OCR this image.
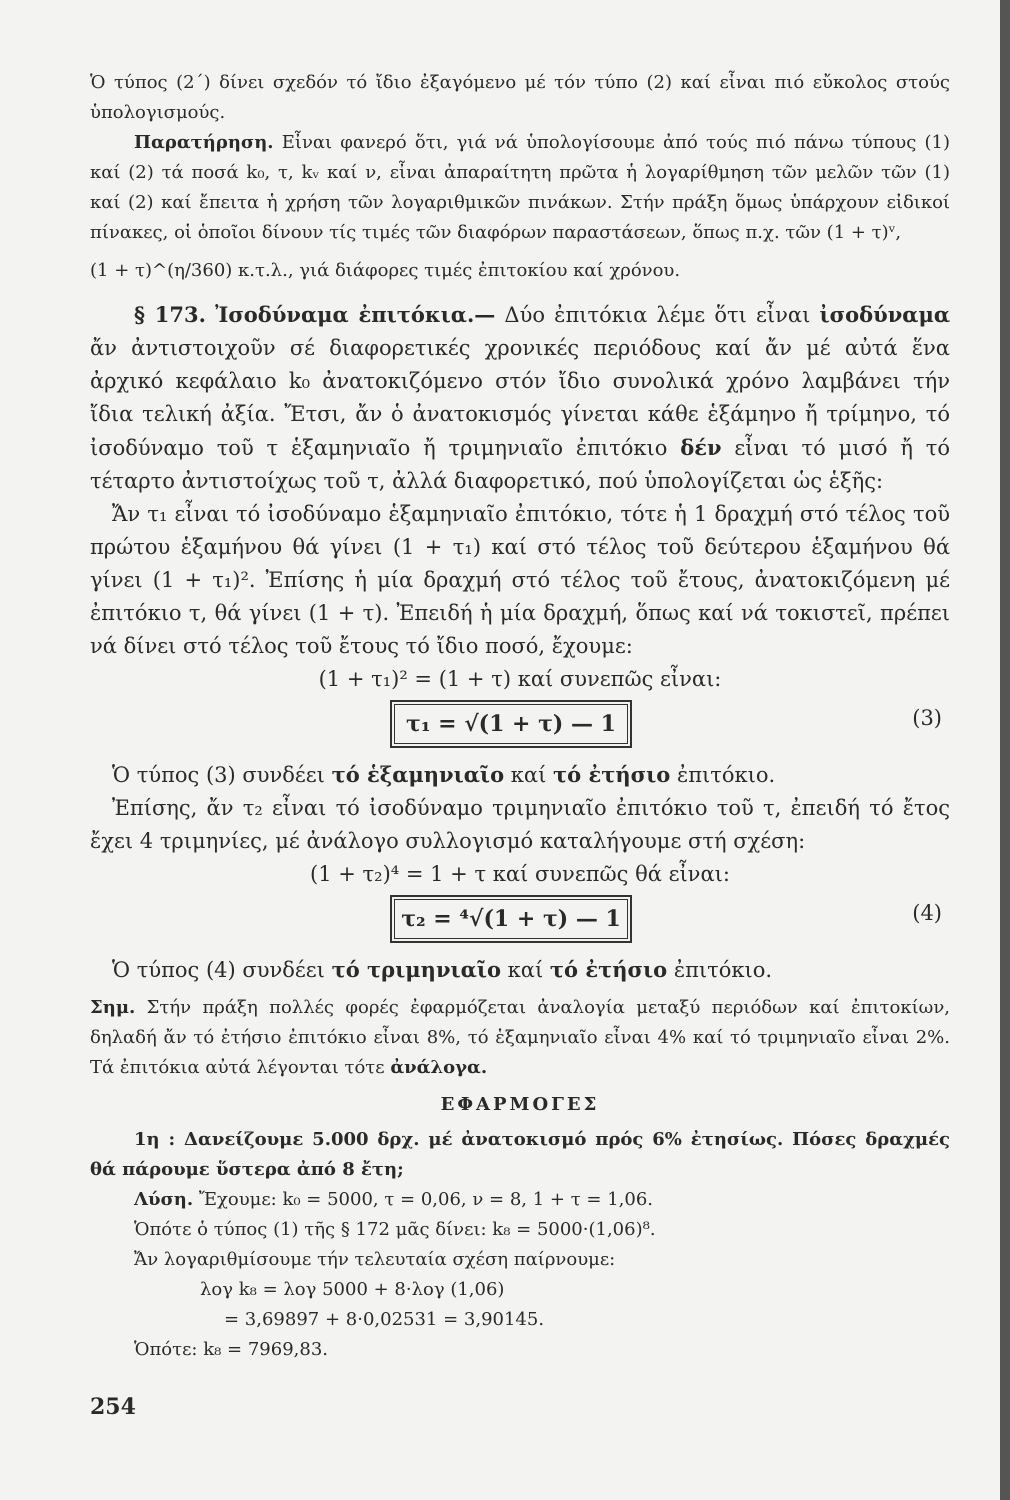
Ὁ τύπος (2΄) δίνει σχεδόν τό ἴδιο ἐξαγόμενο μέ τόν τύπο (2) καί εἶναι πιό εὔκολος στούς ὑπολογισμούς.

Παρατήρηση. Εἶναι φανερό ὅτι, γιά νά ὑπολογίσουμε ἀπό τούς πιό πάνω τύπους (1) καί (2) τά ποσά k₀, τ, kᵥ καί ν, εἶναι ἀπαραίτητη πρῶτα ἡ λογαρίθμηση τῶν μελῶν τῶν (1) καί (2) καί ἔπειτα ἡ χρήση τῶν λογαριθμικῶν πινάκων. Στήν πράξη ὅμως ὑπάρχουν εἰδικοί πίνακες, οἱ ὁποῖοι δίνουν τίς τιμές τῶν διαφόρων παραστάσεων, ὅπως π.χ. τῶν (1 + τ)ᵛ,

(1 + τ)^(η/360) κ.τ.λ., γιά διάφορες τιμές ἐπιτοκίου καί χρόνου.

§ 173. Ἰσοδύναμα ἐπιτόκια.— Δύο ἐπιτόκια λέμε ὅτι εἶναι ἰσοδύναμα ἄν ἀντιστοιχοῦν σέ διαφορετικές χρονικές περιόδους καί ἄν μέ αὐτά ἕνα ἀρχικό κεφάλαιο k₀ ἀνατοκιζόμενο στόν ἴδιο συνολικά χρόνο λαμβάνει τήν ἴδια τελική ἀξία. Ἔτσι, ἄν ὁ ἀνατοκισμός γίνεται κάθε ἑξάμηνο ἤ τρίμηνο, τό ἰσοδύναμο τοῦ τ ἑξαμηνιαῖο ἤ τριμηνιαῖο ἐπιτόκιο δέν εἶναι τό μισό ἤ τό τέταρτο ἀντιστοίχως τοῦ τ, ἀλλά διαφορετικό, πού ὑπολογίζεται ὡς ἑξῆς:

Ἄν τ₁ εἶναι τό ἰσοδύναμο ἑξαμηνιαῖο ἐπιτόκιο, τότε ἡ 1 δραχμή στό τέλος τοῦ πρώτου ἑξαμήνου θά γίνει (1 + τ₁) καί στό τέλος τοῦ δεύτερου ἑξαμήνου θά γίνει (1 + τ₁)². Ἐπίσης ἡ μία δραχμή στό τέλος τοῦ ἔτους, ἀνατοκιζόμενη μέ ἐπιτόκιο τ, θά γίνει (1 + τ). Ἐπειδή ἡ μία δραχμή, ὅπως καί νά τοκιστεῖ, πρέπει νά δίνει στό τέλος τοῦ ἔτους τό ἴδιο ποσό, ἔχουμε:

(1 + τ₁)² = (1 + τ) καί συνεπῶς εἶναι:
τ₁ = √(1 + τ) — 1	(3)

Ὁ τύπος (3) συνδέει τό ἑξαμηνιαῖο καί τό ἐτήσιο ἐπιτόκιο.

Ἐπίσης, ἄν τ₂ εἶναι τό ἰσοδύναμο τριμηνιαῖο ἐπιτόκιο τοῦ τ, ἐπειδή τό ἔτος ἔχει 4 τριμηνίες, μέ ἀνάλογο συλλογισμό καταλήγουμε στή σχέση:

(1 + τ₂)⁴ = 1 + τ καί συνεπῶς θά εἶναι:
τ₂ = ⁴√(1 + τ) — 1	(4)

Ὁ τύπος (4) συνδέει τό τριμηνιαῖο καί τό ἐτήσιο ἐπιτόκιο.

Σημ. Στήν πράξη πολλές φορές ἐφαρμόζεται ἀναλογία μεταξύ περιόδων καί ἐπιτοκίων, δηλαδή ἄν τό ἐτήσιο ἐπιτόκιο εἶναι 8%, τό ἑξαμηνιαῖο εἶναι 4% καί τό τριμηνιαῖο εἶναι 2%. Τά ἐπιτόκια αὐτά λέγονται τότε ἀνάλογα.

ΕΦΑΡΜΟΓΕΣ

1η : Δανείζουμε 5.000 δρχ. μέ ἀνατοκισμό πρός 6% ἐτησίως. Πόσες δραχμές θά πάρουμε ὕστερα ἀπό 8 ἔτη;

Λύση. Ἔχουμε: k₀ = 5000, τ = 0,06, ν = 8, 1 + τ = 1,06.

Ὁπότε ὁ τύπος (1) τῆς § 172 μᾶς δίνει: k₈ = 5000·(1,06)⁸.

Ἄν λογαριθμίσουμε τήν τελευταία σχέση παίρνουμε:

λογ k₈ = λογ 5000 + 8·λογ (1,06)

= 3,69897 + 8·0,02531 = 3,90145.

Ὁπότε: k₈ = 7969,83.

254
